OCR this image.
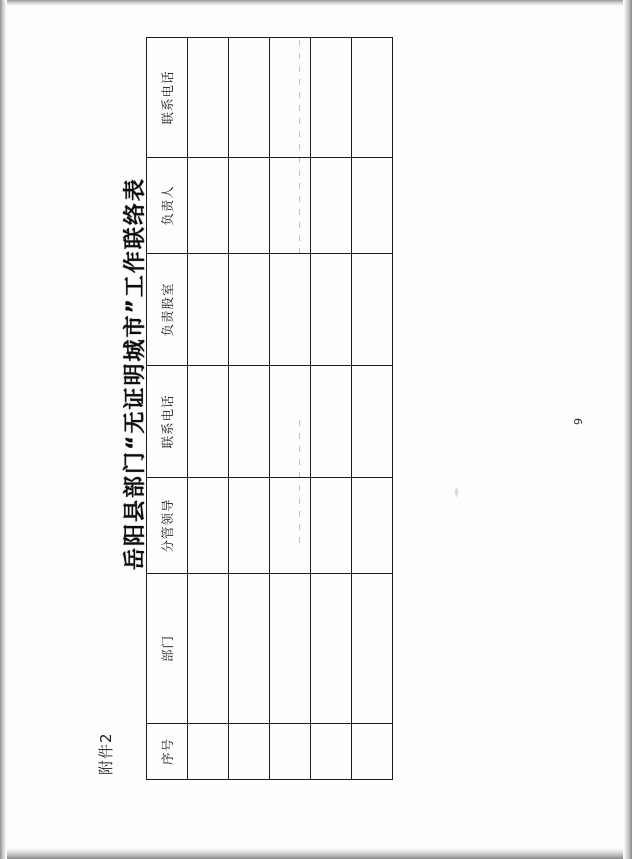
附件2
岳阳县部门“无证明城市”工作联络表	9
序号	部门	分管领导	联系电话	负责股室	负责人	联系电话
